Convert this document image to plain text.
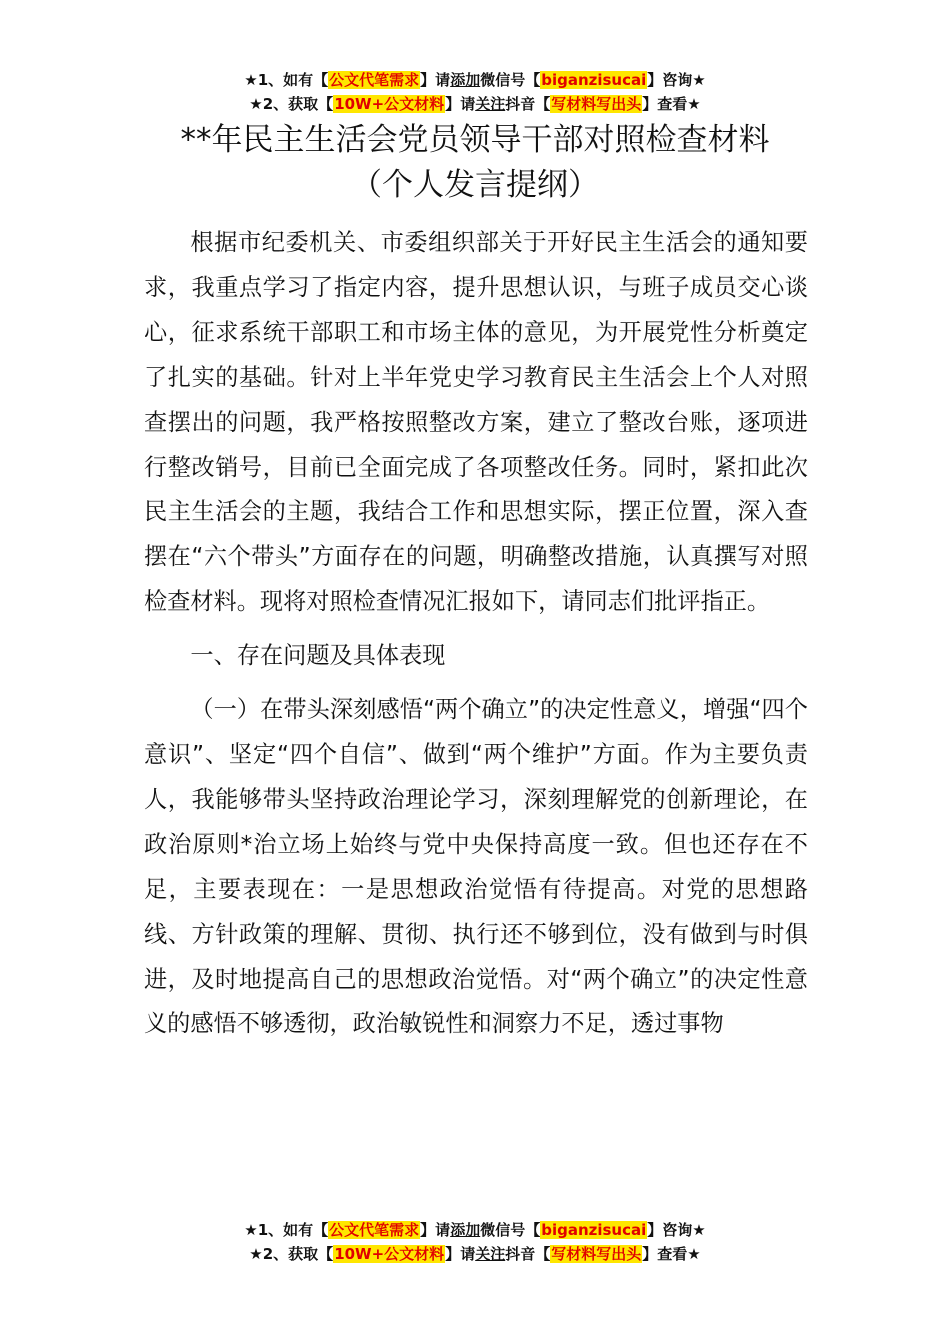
★1、如有【公文代笔需求】请添加微信号【biganzisucai】咨询★
★2、获取【10W+公文材料】请关注抖音【写材料写出头】查看★
**年民主生活会党员领导干部对照检查材料
（个人发言提纲）

根据市纪委机关、市委组织部关于开好民主生活会的通知要求，我重点学习了指定内容，提升思想认识，与班子成员交心谈心，征求系统干部职工和市场主体的意见，为开展党性分析奠定了扎实的基础。针对上半年党史学习教育民主生活会上个人对照查摆出的问题，我严格按照整改方案，建立了整改台账，逐项进行整改销号，目前已全面完成了各项整改任务。同时，紧扣此次民主生活会的主题，我结合工作和思想实际，摆正位置，深入查摆在“六个带头”方面存在的问题，明确整改措施，认真撰写对照检查材料。现将对照检查情况汇报如下，请同志们批评指正。

一、存在问题及具体表现

（一）在带头深刻感悟“两个确立”的决定性意义，增强“四个意识”、坚定“四个自信”、做到“两个维护”方面。作为主要负责人，我能够带头坚持政治理论学习，深刻理解党的创新理论，在政治原则*治立场上始终与党中央保持高度一致。但也还存在不足，主要表现在：一是思想政治觉悟有待提高。对党的思想路线、方针政策的理解、贯彻、执行还不够到位，没有做到与时俱进，及时地提高自己的思想政治觉悟。对“两个确立”的决定性意义的感悟不够透彻，政治敏锐性和洞察力不足，透过事物

★1、如有【公文代笔需求】请添加微信号【biganzisucai】咨询★
★2、获取【10W+公文材料】请关注抖音【写材料写出头】查看★
